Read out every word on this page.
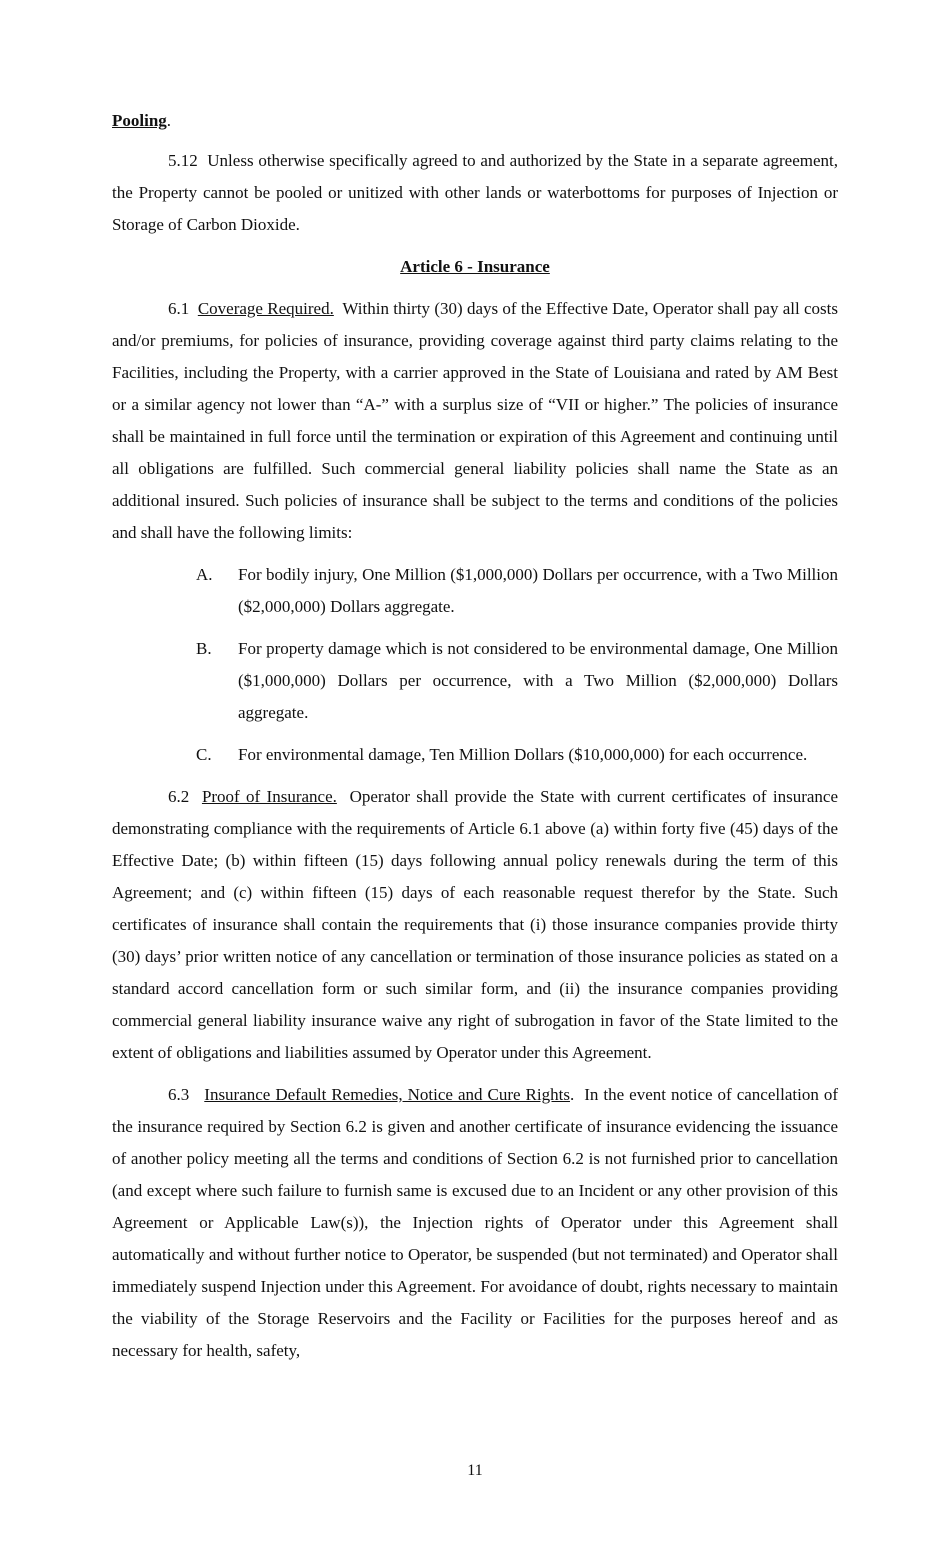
Pooling.

5.12 Unless otherwise specifically agreed to and authorized by the State in a separate agreement, the Property cannot be pooled or unitized with other lands or waterbottoms for purposes of Injection or Storage of Carbon Dioxide.

Article 6 - Insurance

6.1 Coverage Required. Within thirty (30) days of the Effective Date, Operator shall pay all costs and/or premiums, for policies of insurance, providing coverage against third party claims relating to the Facilities, including the Property, with a carrier approved in the State of Louisiana and rated by AM Best or a similar agency not lower than “A-” with a surplus size of “VII or higher.” The policies of insurance shall be maintained in full force until the termination or expiration of this Agreement and continuing until all obligations are fulfilled. Such commercial general liability policies shall name the State as an additional insured. Such policies of insurance shall be subject to the terms and conditions of the policies and shall have the following limits:

A.	For bodily injury, One Million ($1,000,000) Dollars per occurrence, with a Two Million ($2,000,000) Dollars aggregate.
B.	For property damage which is not considered to be environmental damage, One Million ($1,000,000) Dollars per occurrence, with a Two Million ($2,000,000) Dollars aggregate.
C.	For environmental damage, Ten Million Dollars ($10,000,000) for each occurrence.

6.2 Proof of Insurance. Operator shall provide the State with current certificates of insurance demonstrating compliance with the requirements of Article 6.1 above (a) within forty five (45) days of the Effective Date; (b) within fifteen (15) days following annual policy renewals during the term of this Agreement; and (c) within fifteen (15) days of each reasonable request therefor by the State. Such certificates of insurance shall contain the requirements that (i) those insurance companies provide thirty (30) days’ prior written notice of any cancellation or termination of those insurance policies as stated on a standard accord cancellation form or such similar form, and (ii) the insurance companies providing commercial general liability insurance waive any right of subrogation in favor of the State limited to the extent of obligations and liabilities assumed by Operator under this Agreement.

6.3 Insurance Default Remedies, Notice and Cure Rights. In the event notice of cancellation of the insurance required by Section 6.2 is given and another certificate of insurance evidencing the issuance of another policy meeting all the terms and conditions of Section 6.2 is not furnished prior to cancellation (and except where such failure to furnish same is excused due to an Incident or any other provision of this Agreement or Applicable Law(s)), the Injection rights of Operator under this Agreement shall automatically and without further notice to Operator, be suspended (but not terminated) and Operator shall immediately suspend Injection under this Agreement. For avoidance of doubt, rights necessary to maintain the viability of the Storage Reservoirs and the Facility or Facilities for the purposes hereof and as necessary for health, safety,

11
